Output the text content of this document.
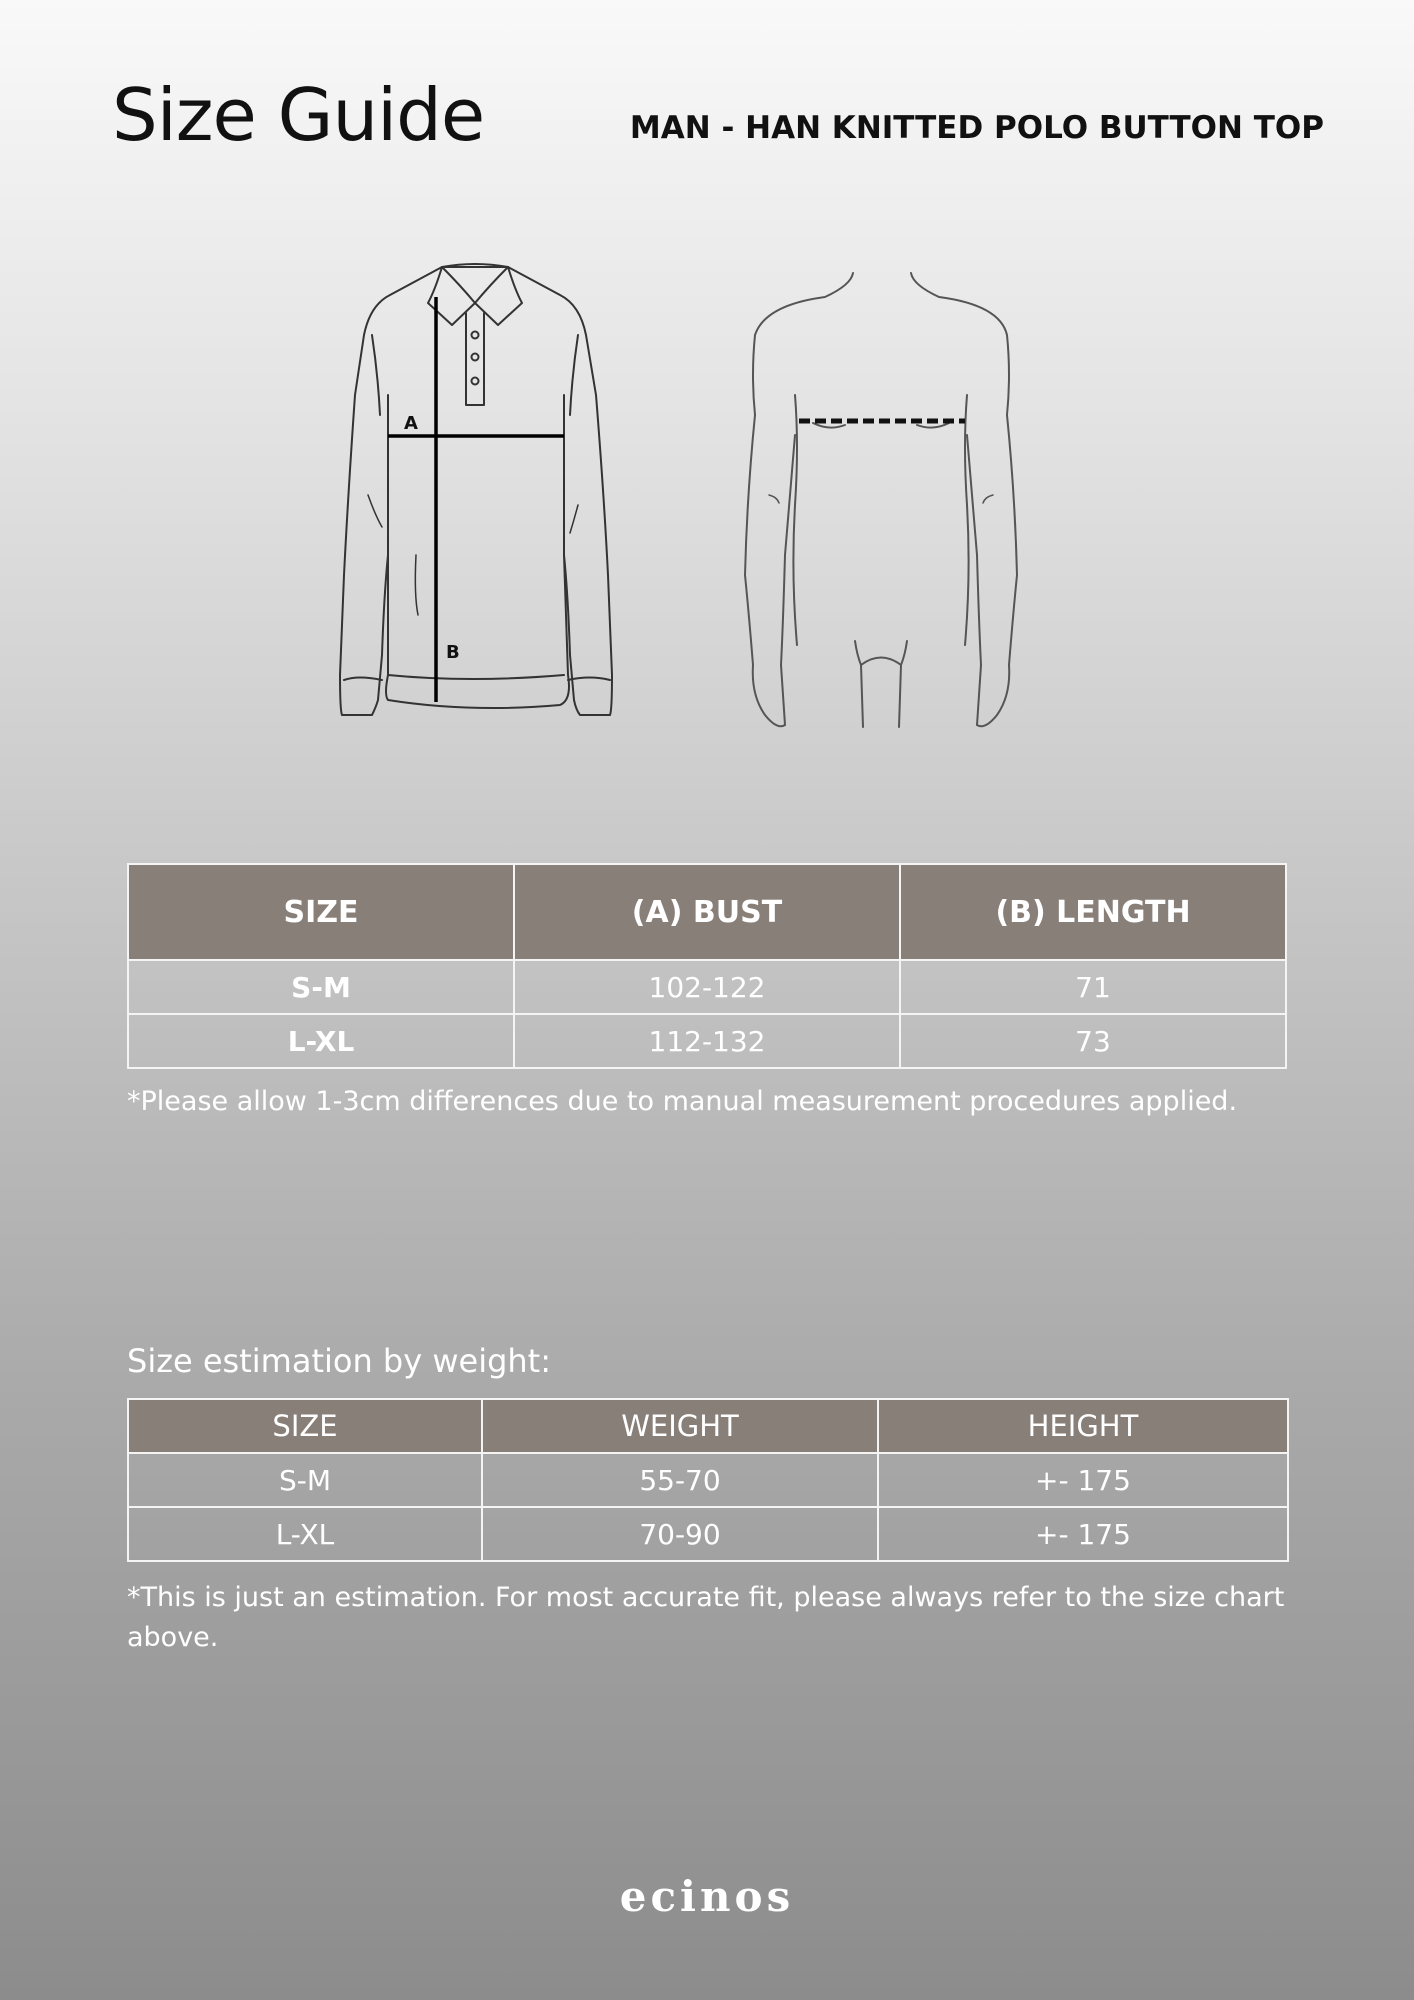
Size Guide	MAN - HAN KNITTED POLO BUTTON TOP
A
B
SIZE	(A) BUST	(B) LENGTH
S-M	102-122	71
L-XL	112-132	73

*Please allow 1-3cm differences due to manual measurement procedures applied.

Size estimation by weight:
SIZE	WEIGHT	HEIGHT
S-M	55-70	+- 175
L-XL	70-90	+- 175

*This is just an estimation. For most accurate fit, please always refer to the size chart above.

ecinos
